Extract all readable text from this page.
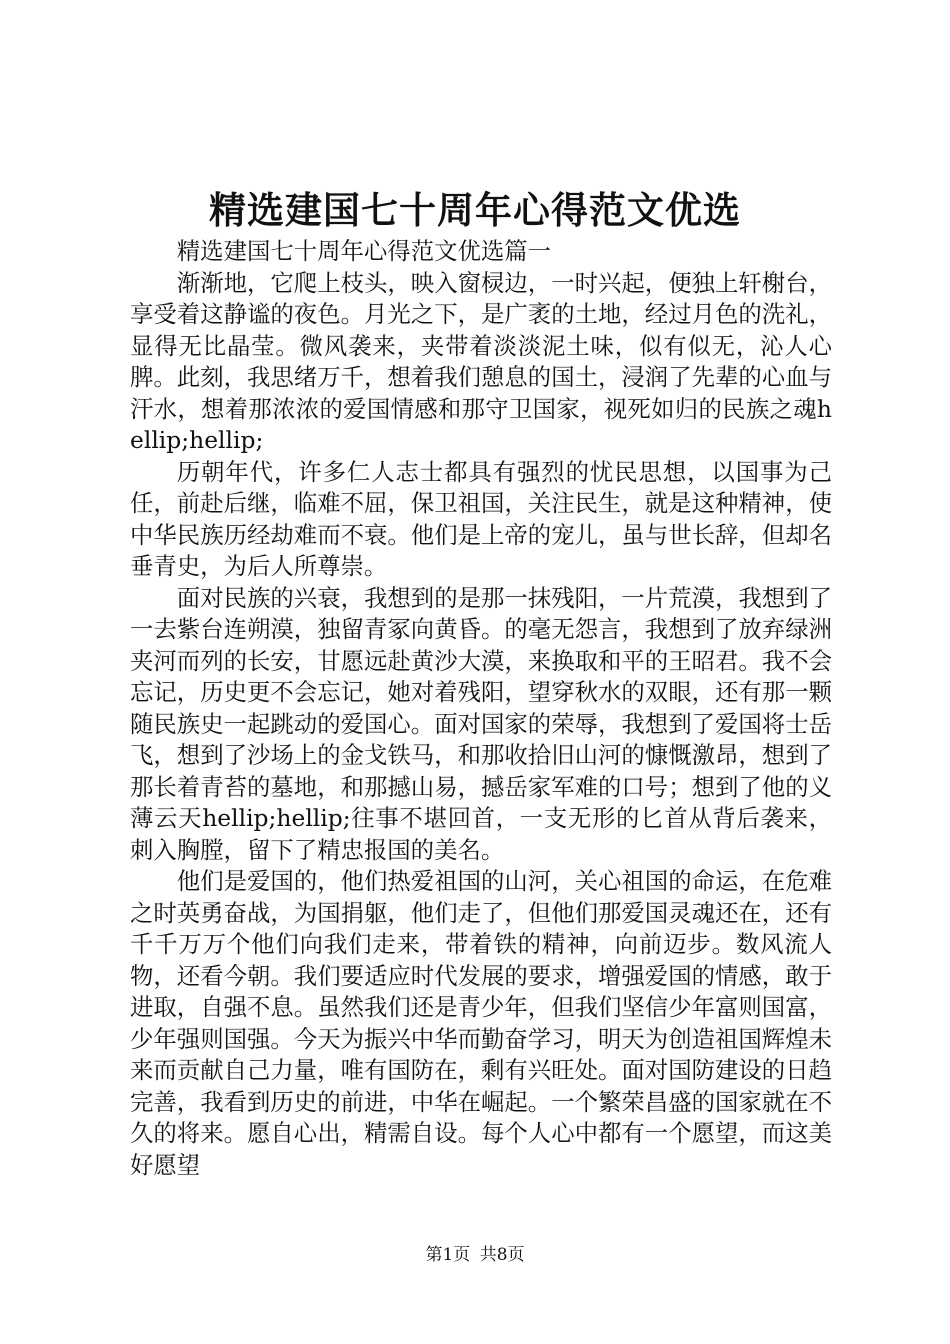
精选建国七十周年心得范文优选

精选建国七十周年心得范文优选篇一

渐渐地，它爬上枝头，映入窗棂边，一时兴起，便独上轩榭台，享受着这静谧的夜色。月光之下，是广袤的土地，经过月色的洗礼，显得无比晶莹。微风袭来，夹带着淡淡泥土味，似有似无，沁人心脾。此刻，我思绪万千，想着我们憩息的国土，浸润了先辈的心血与汗水，想着那浓浓的爱国情感和那守卫国家，视死如归的民族之魂hellip;hellip;

历朝年代，许多仁人志士都具有强烈的忧民思想，以国事为己任，前赴后继，临难不屈，保卫祖国，关注民生，就是这种精神，使中华民族历经劫难而不衰。他们是上帝的宠儿，虽与世长辞，但却名垂青史，为后人所尊崇。

面对民族的兴衰，我想到的是那一抹残阳，一片荒漠，我想到了一去紫台连朔漠，独留青冢向黄昏。的毫无怨言，我想到了放弃绿洲夹河而列的长安，甘愿远赴黄沙大漠，来换取和平的王昭君。我不会忘记，历史更不会忘记，她对着残阳，望穿秋水的双眼，还有那一颗随民族史一起跳动的爱国心。面对国家的荣辱，我想到了爱国将士岳飞，想到了沙场上的金戈铁马，和那收拾旧山河的慷慨激昂，想到了那长着青苔的墓地，和那撼山易，撼岳家军难的口号；想到了他的义薄云天hellip;hellip;往事不堪回首，一支无形的匕首从背后袭来，刺入胸膛，留下了精忠报国的美名。

他们是爱国的，他们热爱祖国的山河，关心祖国的命运，在危难之时英勇奋战，为国捐躯，他们走了，但他们那爱国灵魂还在，还有千千万万个他们向我们走来，带着铁的精神，向前迈步。数风流人物，还看今朝。我们要适应时代发展的要求，增强爱国的情感，敢于进取，自强不息。虽然我们还是青少年，但我们坚信少年富则国富，少年强则国强。今天为振兴中华而勤奋学习，明天为创造祖国辉煌未来而贡献自己力量，唯有国防在，剩有兴旺处。面对国防建设的日趋完善，我看到历史的前进，中华在崛起。一个繁荣昌盛的国家就在不久的将来。愿自心出，精需自设。每个人心中都有一个愿望，而这美好愿望

第1页 共8页
